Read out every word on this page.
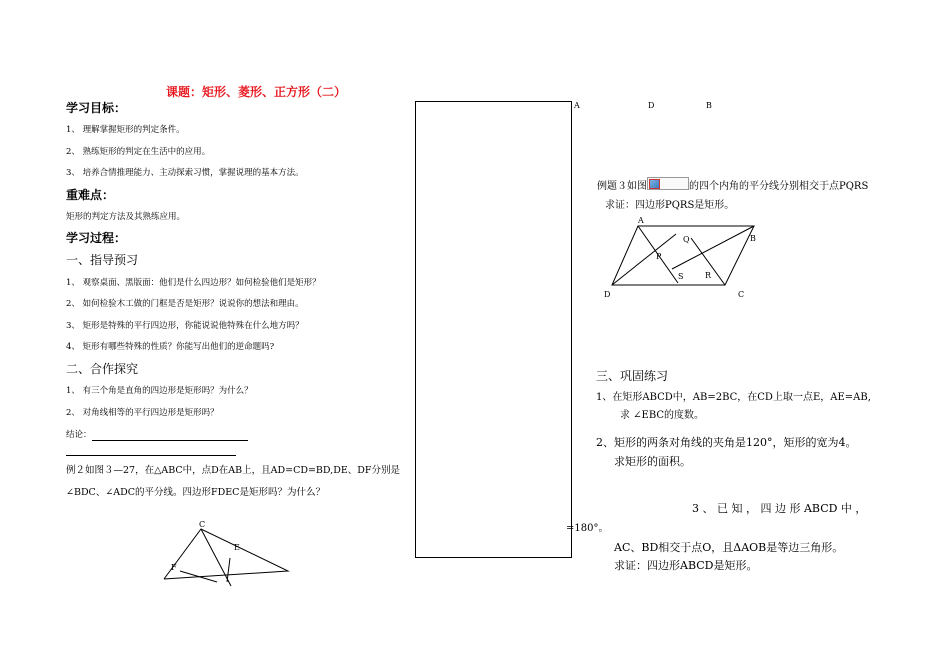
课题：矩形、菱形、正方形（二）
学习目标：
1、 理解掌握矩形的判定条件。
2、 熟练矩形的判定在生活中的应用。
3、 培养合情推理能力、主动探索习惯，掌握说理的基本方法。
重难点：
矩形的判定方法及其熟练应用。
学习过程：
一、指导预习
1、 观察桌面、黑版面：他们是什么四边形？如何检验他们是矩形？
2、 如何检验木工做的门框是否是矩形？说说你的想法和理由。
3、 矩形是特殊的平行四边形，你能说说他特殊在什么地方吗？
4、 矩形有哪些特殊的性质？你能写出他们的逆命题吗?
二、合作探究
1、 有三个角是直角的四边形是矩形吗？为什么？
2、 对角线相等的平行四边形是矩形吗？
结论：
例２如图３—27，在△ABC中，点D在AB上，且AD=CD=BD,DE、DF分别是
∠BDC、∠ADC的平分线。四边形FDEC是矩形吗？为什么？
C
E
F
A	D	B
=180°。
例题３如图	的四个内角的平分线分别相交于点PQRS
求证：四边形PQRS是矩形。
A
B
C
D
P
Q
R
S
三、巩固练习
1、在矩形ABCD中，AB=2BC，在CD上取一点E，AE=AB,
求 ∠EBC的度数。
2、矩形的两条对角线的夹角是120°，矩形的宽为4。
求矩形的面积。
3 、 已 知 ， 四 边 形 ABCD 中 ，
AC、BD相交于点O，且ΔAOB是等边三角形。
求证：四边形ABCD是矩形。
